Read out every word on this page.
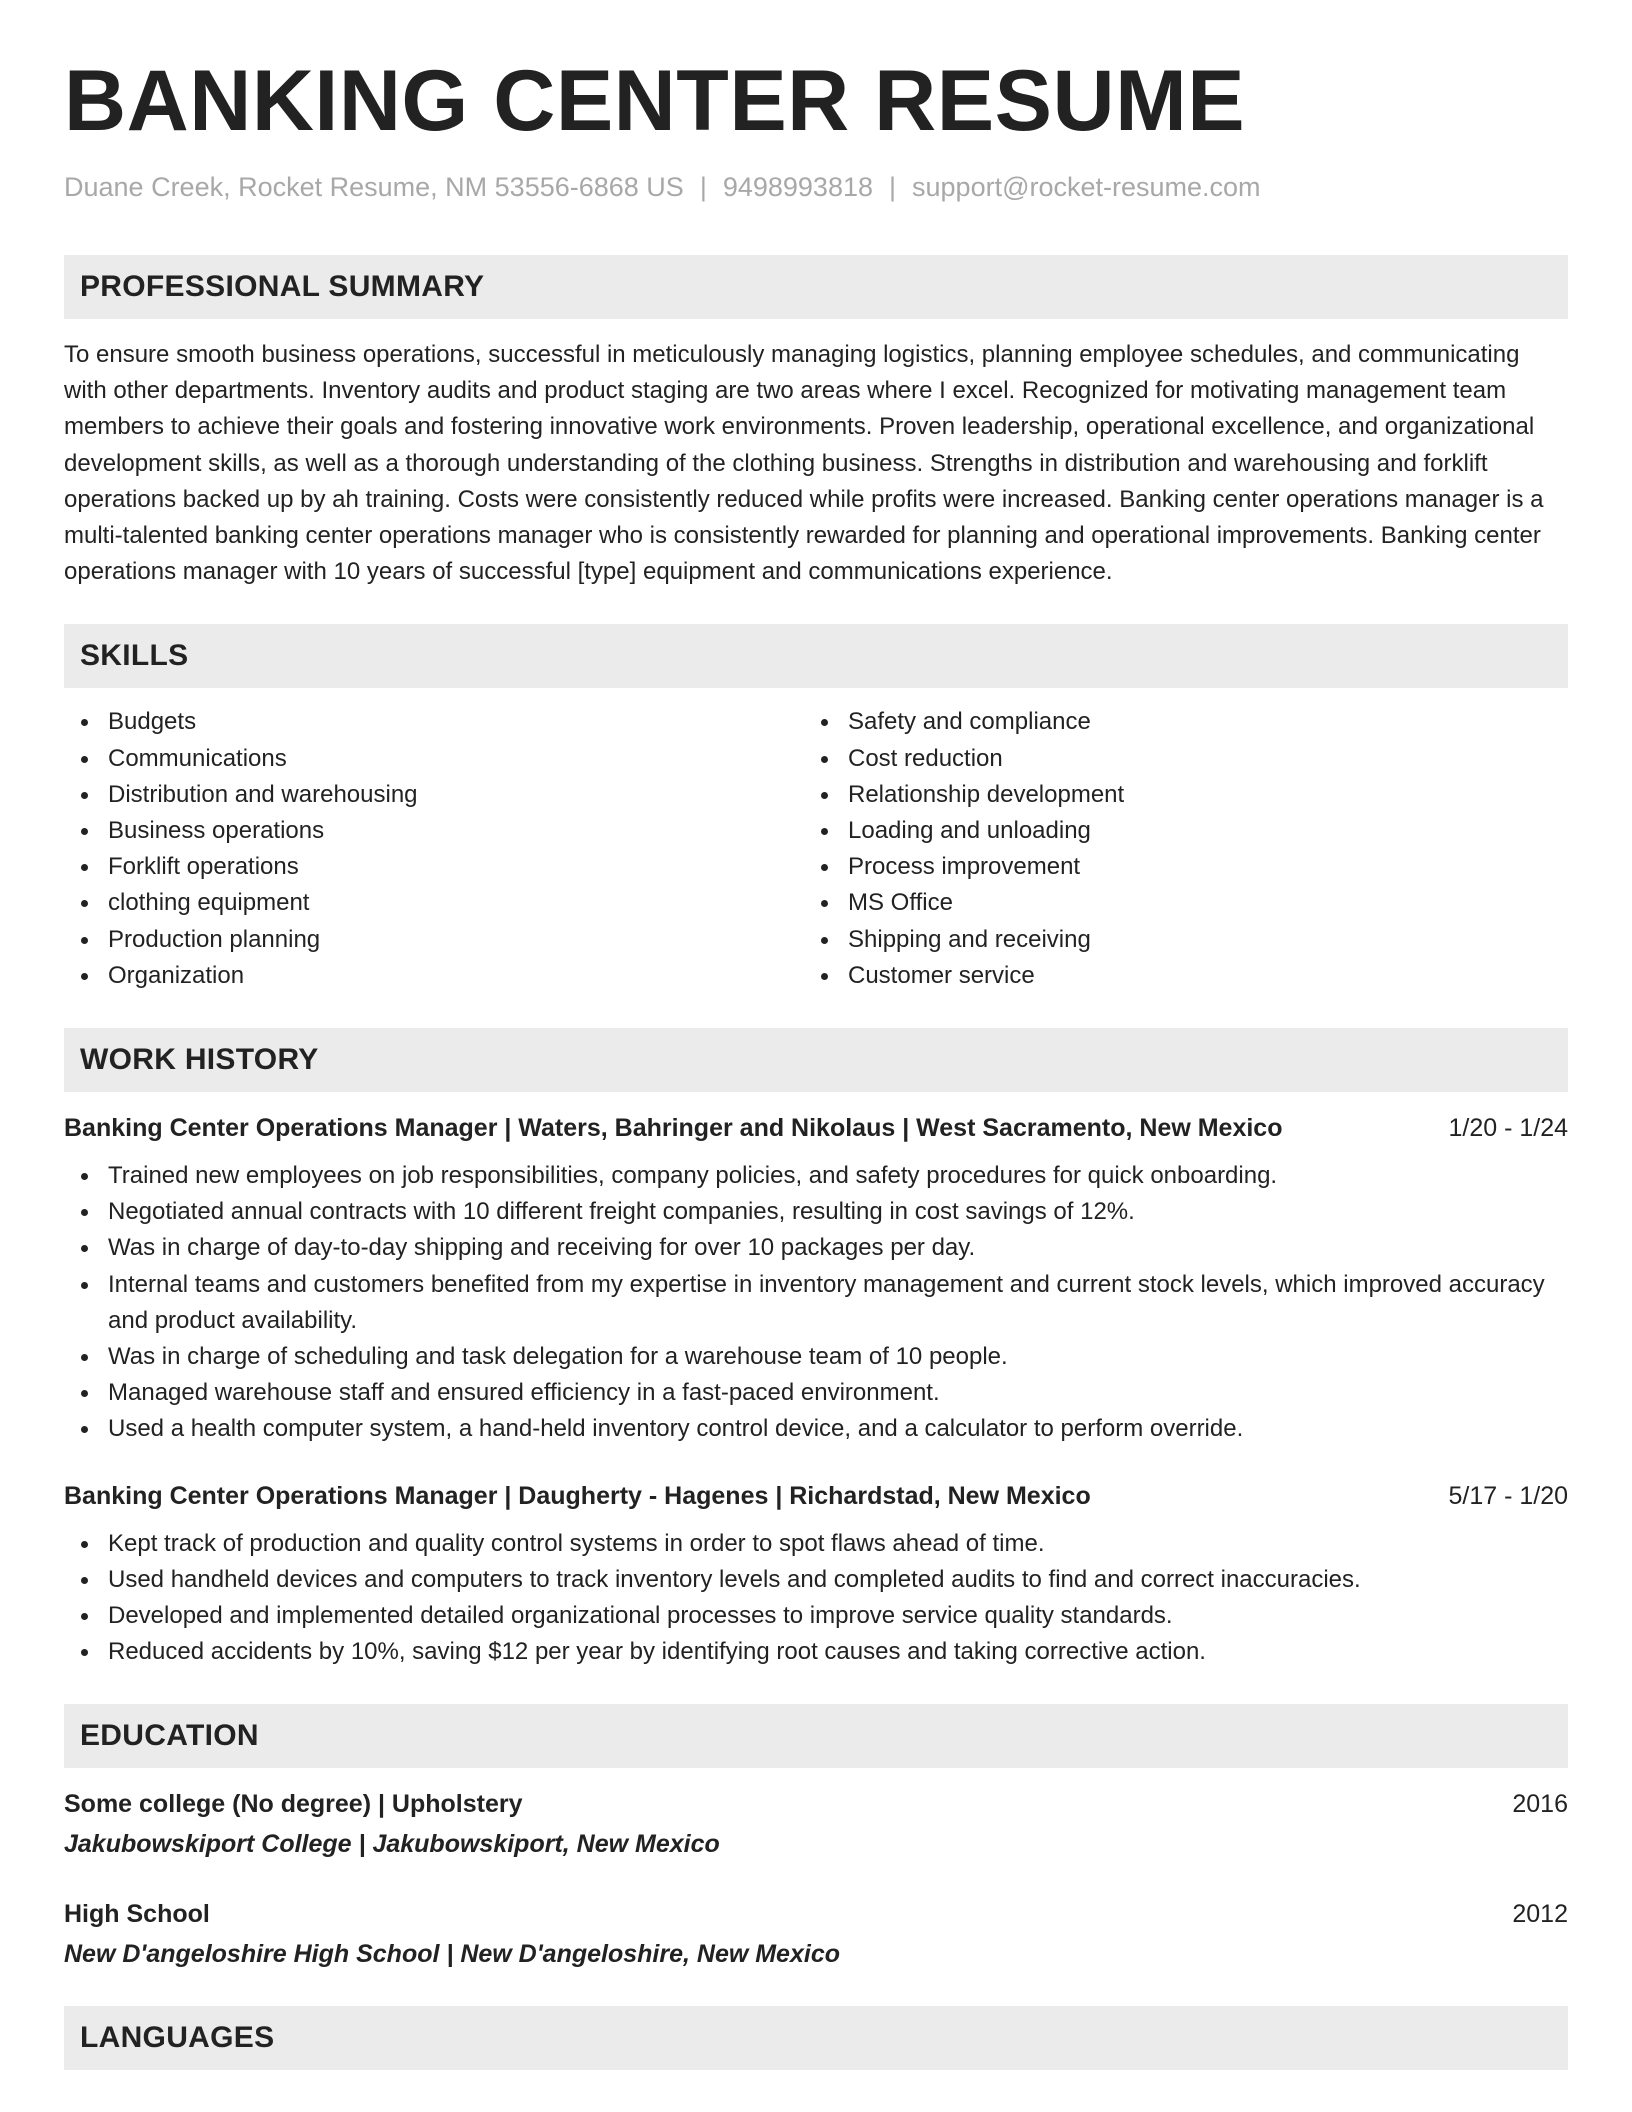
BANKING CENTER RESUME
Duane Creek, Rocket Resume, NM 53556-6868 US | 9498993818 | support@rocket-resume.com
PROFESSIONAL SUMMARY
To ensure smooth business operations, successful in meticulously managing logistics, planning employee schedules, and communicating with other departments. Inventory audits and product staging are two areas where I excel. Recognized for motivating management team members to achieve their goals and fostering innovative work environments. Proven leadership, operational excellence, and organizational development skills, as well as a thorough understanding of the clothing business. Strengths in distribution and warehousing and forklift operations backed up by ah training. Costs were consistently reduced while profits were increased. Banking center operations manager is a multi-talented banking center operations manager who is consistently rewarded for planning and operational improvements. Banking center operations manager with 10 years of successful [type] equipment and communications experience.
SKILLS
Budgets
Communications
Distribution and warehousing
Business operations
Forklift operations
clothing equipment
Production planning
Organization
Safety and compliance
Cost reduction
Relationship development
Loading and unloading
Process improvement
MS Office
Shipping and receiving
Customer service
WORK HISTORY
Banking Center Operations Manager | Waters, Bahringer and Nikolaus | West Sacramento, New Mexico	1/20 - 1/24
Trained new employees on job responsibilities, company policies, and safety procedures for quick onboarding.
Negotiated annual contracts with 10 different freight companies, resulting in cost savings of 12%.
Was in charge of day-to-day shipping and receiving for over 10 packages per day.
Internal teams and customers benefited from my expertise in inventory management and current stock levels, which improved accuracy and product availability.
Was in charge of scheduling and task delegation for a warehouse team of 10 people.
Managed warehouse staff and ensured efficiency in a fast-paced environment.
Used a health computer system, a hand-held inventory control device, and a calculator to perform override.
Banking Center Operations Manager | Daugherty - Hagenes | Richardstad, New Mexico	5/17 - 1/20
Kept track of production and quality control systems in order to spot flaws ahead of time.
Used handheld devices and computers to track inventory levels and completed audits to find and correct inaccuracies.
Developed and implemented detailed organizational processes to improve service quality standards.
Reduced accidents by 10%, saving $12 per year by identifying root causes and taking corrective action.
EDUCATION
Some college (No degree) | Upholstery	2016
Jakubowskiport College | Jakubowskiport, New Mexico
High School	2012
New D'angeloshire High School | New D'angeloshire, New Mexico
LANGUAGES
